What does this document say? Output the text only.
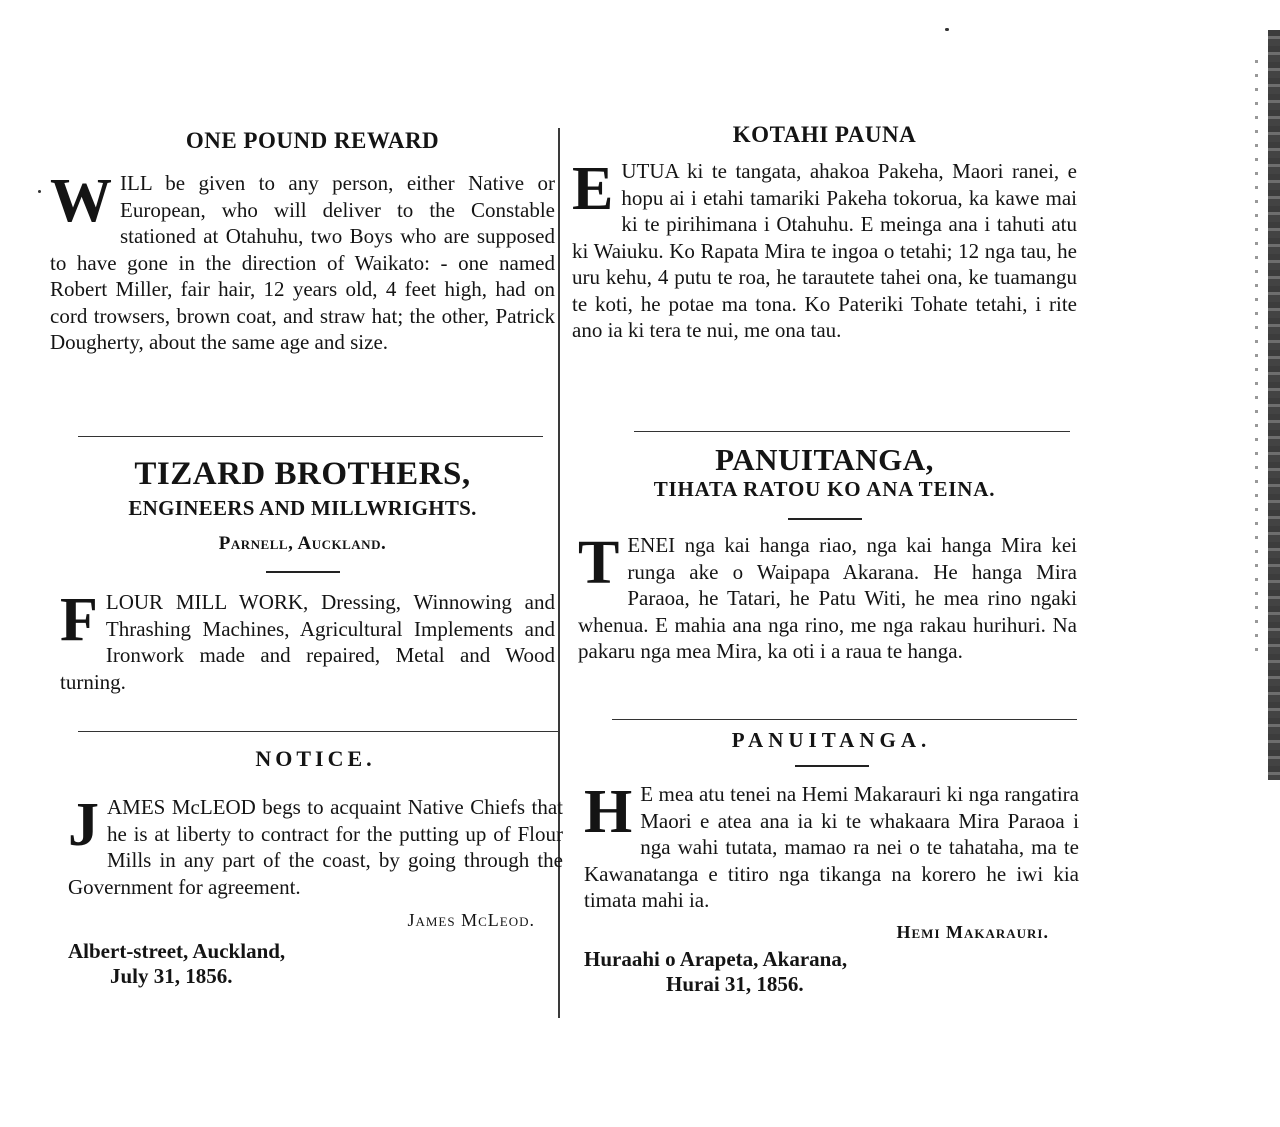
ONE POUND REWARD
W ILL be given to any person, either Native or European, who will deliver to the Constable stationed at Otahuhu, two Boys who are supposed to have gone in the direction of Waikato: - one named Robert Miller, fair hair, 12 years old, 4 feet high, had on cord trowsers, brown coat, and straw hat; the other, Patrick Dougherty, about the same age and size.
TIZARD BROTHERS,
ENGINEERS AND MILLWRIGHTS.
Parnell, Auckland.
F LOUR MILL WORK, Dressing, Winnowing and Thrashing Machines, Agricultural Implements and Ironwork made and repaired, Metal and Wood turning.
NOTICE.
J AMES McLEOD begs to acquaint Native Chiefs that he is at liberty to contract for the putting up of Flour Mills in any part of the coast, by going through the Government for agreement.
James McLeod.
Albert-street, Auckland,
July 31, 1856.
KOTAHI PAUNA
E UTUA ki te tangata, ahakoa Pakeha, Maori ranei, e hopu ai i etahi tamariki Pakeha tokorua, ka kawe mai ki te pirihimana i Otahuhu. E meinga ana i tahuti atu ki Waiuku. Ko Rapata Mira te ingoa o tetahi; 12 nga tau, he uru kehu, 4 putu te roa, he tarautete tahei ona, ke tuamangu te koti, he potae ma tona. Ko Pateriki Tohate tetahi, i rite ano ia ki tera te nui, me ona tau.
PANUITANGA,
TIHATA RATOU KO ANA TEINA.
T ENEI nga kai hanga riao, nga kai hanga Mira kei runga ake o Waipapa Akarana. He hanga Mira Paraoa, he Tatari, he Patu Witi, he mea rino ngaki whenua. E mahia ana nga rino, me nga rakau hurihuri. Na pakaru nga mea Mira, ka oti i a raua te hanga.
PANUITANGA.
H E mea atu tenei na Hemi Makarauri ki nga rangatira Maori e atea ana ia ki te whakaara Mira Paraoa i nga wahi tutata, mamao ra nei o te tahataha, ma te Kawanatanga e titiro nga tikanga na korero he iwi kia timata mahi ia.
Hemi Makarauri.
Huraahi o Arapeta, Akarana,
Hurai 31, 1856.
